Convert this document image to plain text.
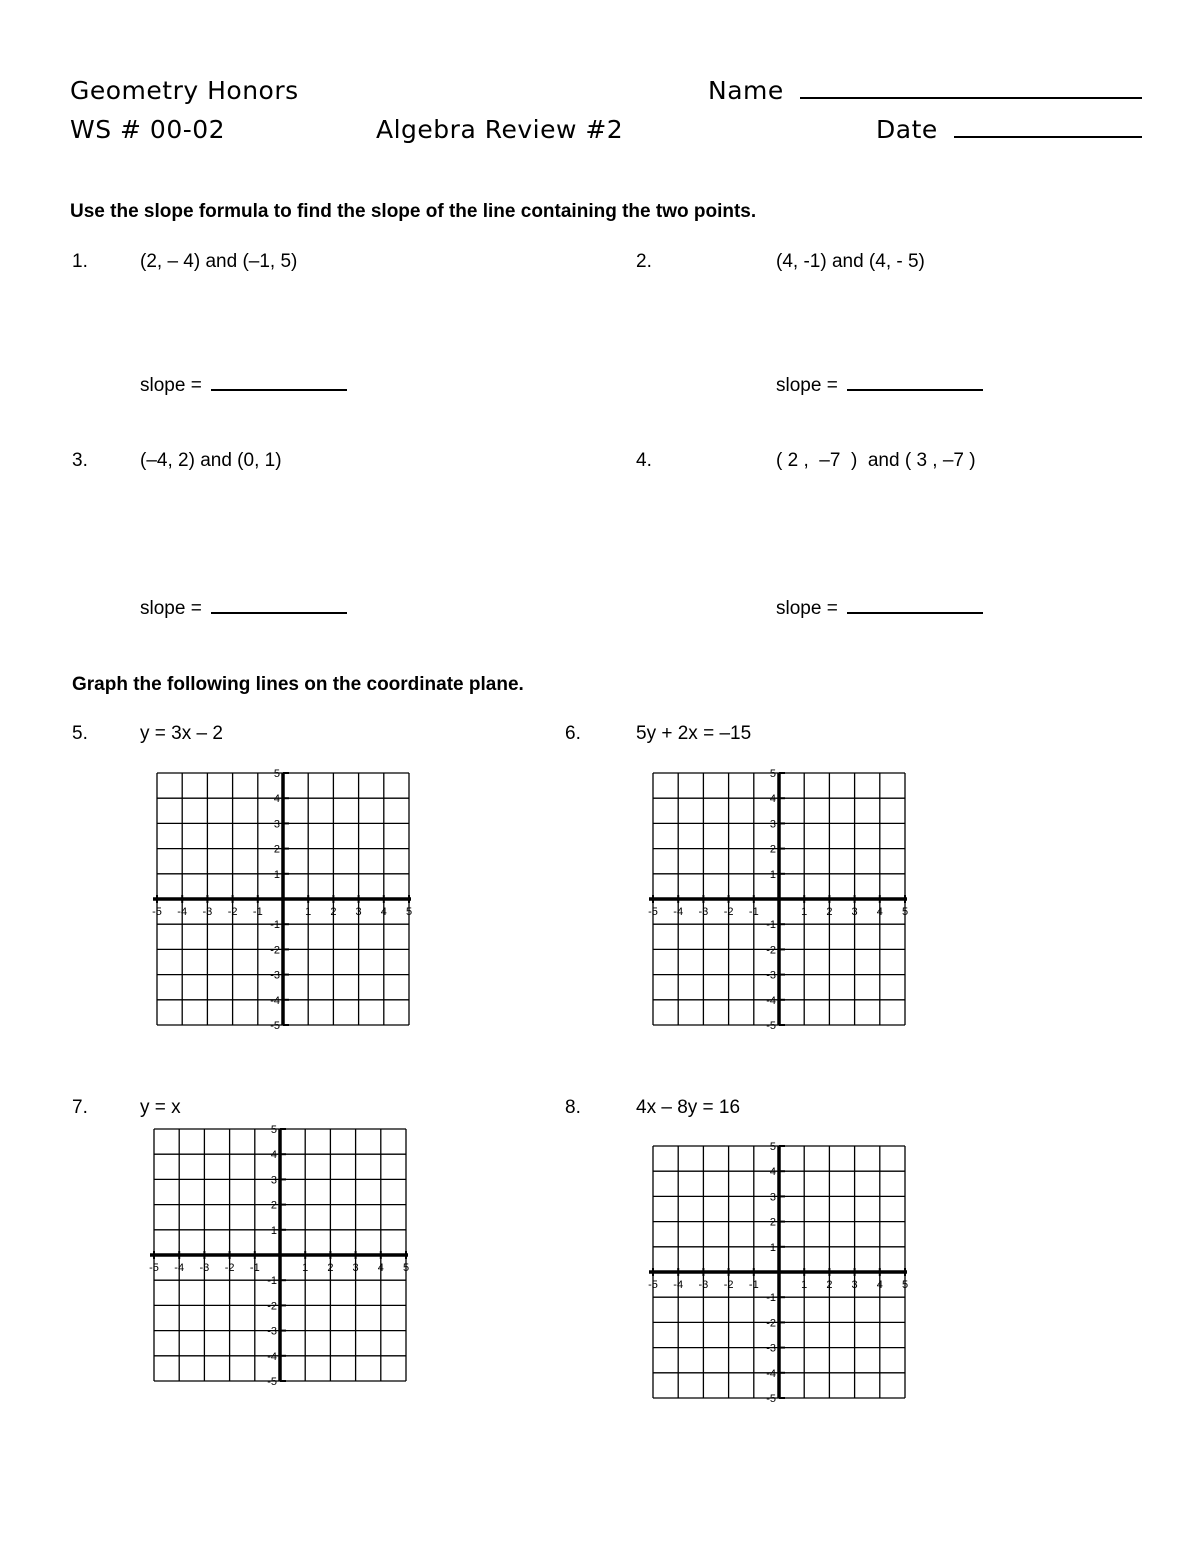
Geometry Honors
WS # 00-02	Algebra Review #2
Name
Date
Use the slope formula to find the slope of the line containing the two points.
1.	(2, – 4) and (–1, 5)	2.	(4, -1) and (4, - 5)
slope =	slope =
3.	(–4, 2) and (0, 1)	4.	( 2 ,  –7  )  and ( 3 , –7 )
slope =	slope =
Graph the following lines on the coordinate plane.
5.	y = 3x – 2	6.	5y + 2x = –15
7.	y = x	8.	4x – 8y = 16
-5
5
-4
4
-3
3
-2
2
-1
1
1
-1
2
-2
3
-3
4
-4
5
-5
-5
5
-4
4
-3
3
-2
2
-1
1
1
-1
2
-2
3
-3
4
-4
5
-5
-5
5
-4
4
-3
3
-2
2
-1
1
1
-1
2
-2
3
-3
4
-4
5
-5
-5
5
-4
4
-3
3
-2
2
-1
1
1
-1
2
-2
3
-3
4
-4
5
-5
